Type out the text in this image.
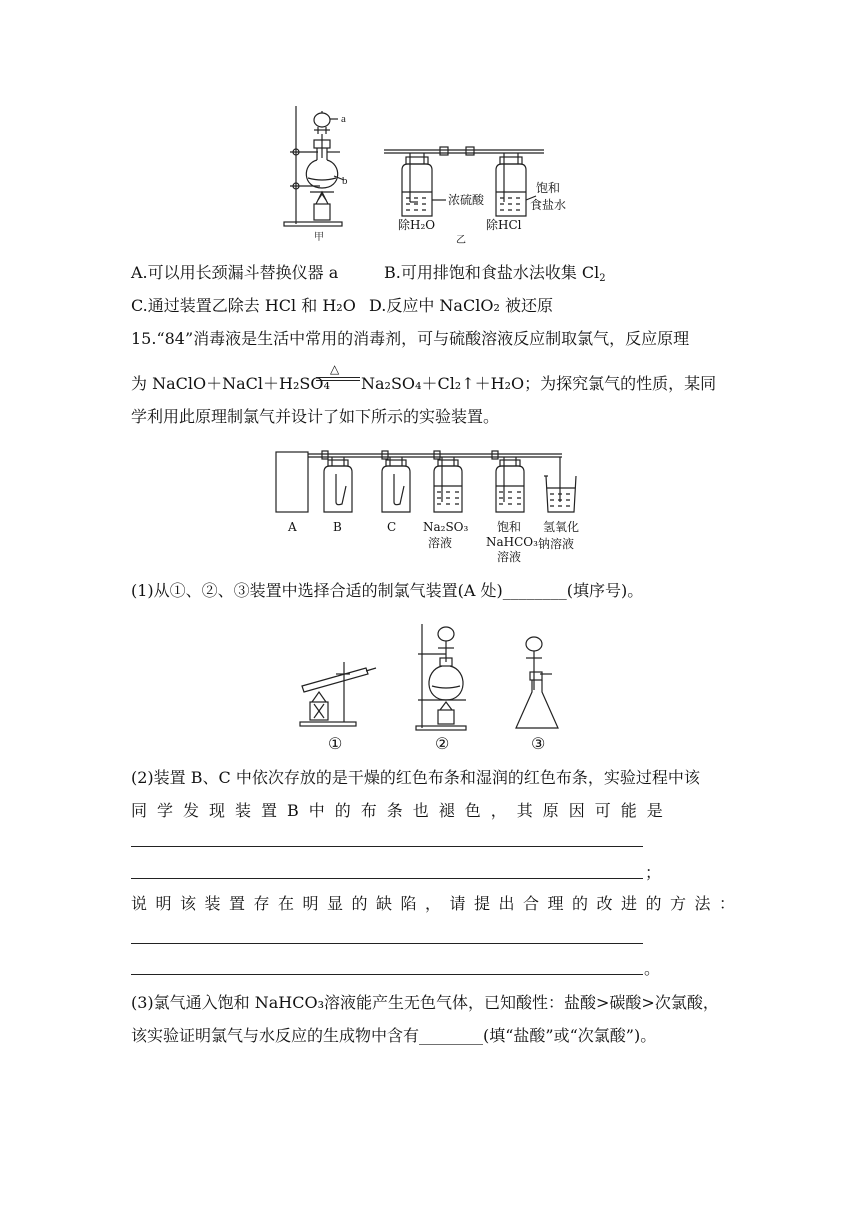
a
b
甲
浓硫酸
饱和
食盐水
除H₂O	除HCl
乙
A.可以用长颈漏斗替换仪器 a	B.可用排饱和食盐水法收集 $Cl_2$
C.通过装置乙除去 HCl 和 H₂O D.反应中 NaClO₂ 被还原
15.“84”消毒液是生活中常用的消毒剂，可与硫酸溶液反应制取氯气，反应原理
为 NaClO＋NaCl＋H₂SO₄
△
Na₂SO₄＋Cl₂↑＋H₂O；为探究氯气的性质，某同
学利用此原理制氯气并设计了如下所示的实验装置。
A	B	C Na₂SO₃
溶液
饱和
NaHCO₃
溶液
氢氧化
钠溶液
(1)从①、②、③装置中选择合适的制氯气装置(A 处)________(填序号)。
①	②	③
(2)装置 B、C 中依次存放的是干燥的红色布条和湿润的红色布条，实验过程中该
同学发现装置B中的布条也褪色，其原因可能是
；
说明该装置存在明显的缺陷，请提出合理的改进的方法：
。
(3)氯气通入饱和 NaHCO₃溶液能产生无色气体，已知酸性：盐酸>碳酸>次氯酸，
该实验证明氯气与水反应的生成物中含有________(填“盐酸”或“次氯酸”)。
